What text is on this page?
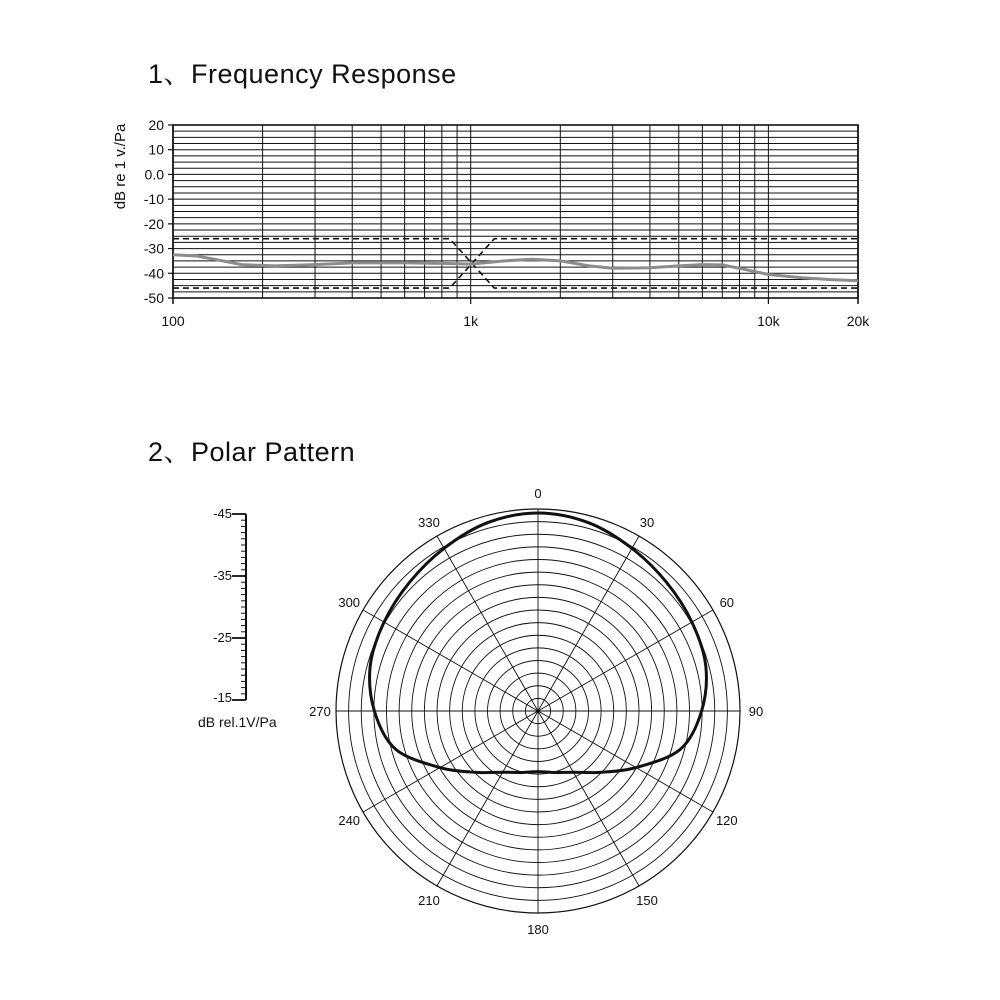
1、Frequency Response
2、Polar Pattern
20
10
0.0
-10
-20
-30
-40
-50
100	1k	10k	20k
dB re 1 v./Pa
0
30
60
90
120
150
180
210
240
270
300
330
-45
-35
-25
-15
dB rel.1V/Pa
